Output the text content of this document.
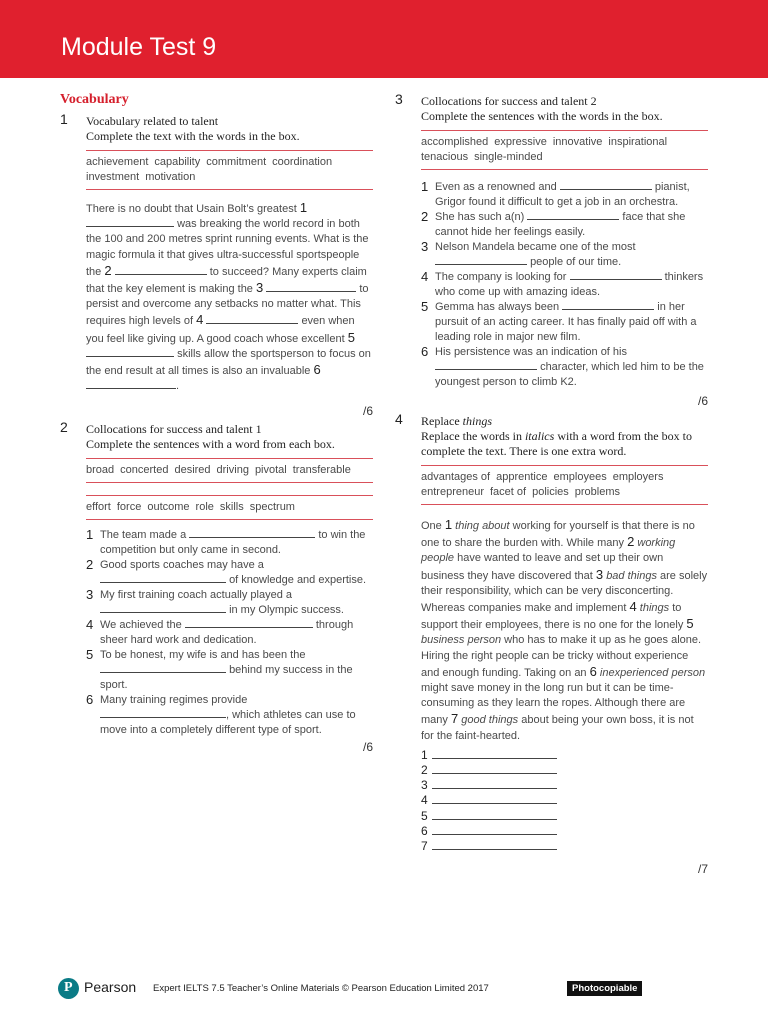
Module Test 9
Vocabulary
1 Vocabulary related to talent
Complete the text with the words in the box.
achievement capability commitment coordinationinvestment motivation
There is no doubt that Usain Bolt’s greatest 1  was breaking the world record in both the 100 and 200 metres sprint running events. What is the magic formula it that gives ultra-successful sportspeople the 2	to succeed? Many experts claim that the key element is making the 3	to persist and overcome any setbacks no matter what. This requires high levels of 4	even when you feel like giving up. A good coach whose excellent 5  skills allow the sportsperson to focus on the end result at all times is also an invaluable 6 .
/6
2 Collocations for success and talent 1
Complete the sentences with a word from each box.
broad concerted desired driving pivotal transferable
effort force outcome role skills spectrum
1 The team made a	to win the competition but only came in second.
2 Good sports coaches may have a  of knowledge and expertise.
3 My first training coach actually played a  in my Olympic success.
4 We achieved the	through sheer hard work and dedication.
5 To be honest, my wife is and has been the  behind my success in the sport.
6 Many training regimes provide , which athletes can use to move into a completely different type of sport.
/6
3 Collocations for success and talent 2
Complete the sentences with the words in the box.
accomplished expressive innovative inspirationaltenacious single-minded
1 Even as a renowned and	pianist, Grigor found it difficult to get a job in an orchestra.
2 She has such a(n)	face that she cannot hide her feelings easily.
3 Nelson Mandela became one of the most  people of our time.
4 The company is looking for	thinkers who come up with amazing ideas.
5 Gemma has always been	in her pursuit of an acting career. It has finally paid off with a leading role in major new film.
6 His persistence was an indication of his  character, which led him to be the youngest person to climb K2.
/6
4 Replace things
Replace the words in italics with a word from the box to complete the text. There is one extra word.
advantages of apprentice employees employersentrepreneur facet of policies problems
One 1 thing about working for yourself is that there is no one to share the burden with. While many 2 working people have wanted to leave and set up their own business they have discovered that 3 bad things are solely their responsibility, which can be very disconcerting. Whereas companies make and implement 4 things to support their employees, there is no one for the lonely 5 business person who has to make it up as he goes alone. Hiring the right people can be tricky without experience and enough funding. Taking on an 6 inexperienced person might save money in the long run but it can be time-consuming as they learn the ropes. Although there are many 7 good things about being your own boss, it is not for the faint-hearted.
1
2
3
4
5
6
7
/7
P Pearson Expert IELTS 7.5 Teacher’s Online Materials © Pearson Education Limited 2017	Photocopiable
